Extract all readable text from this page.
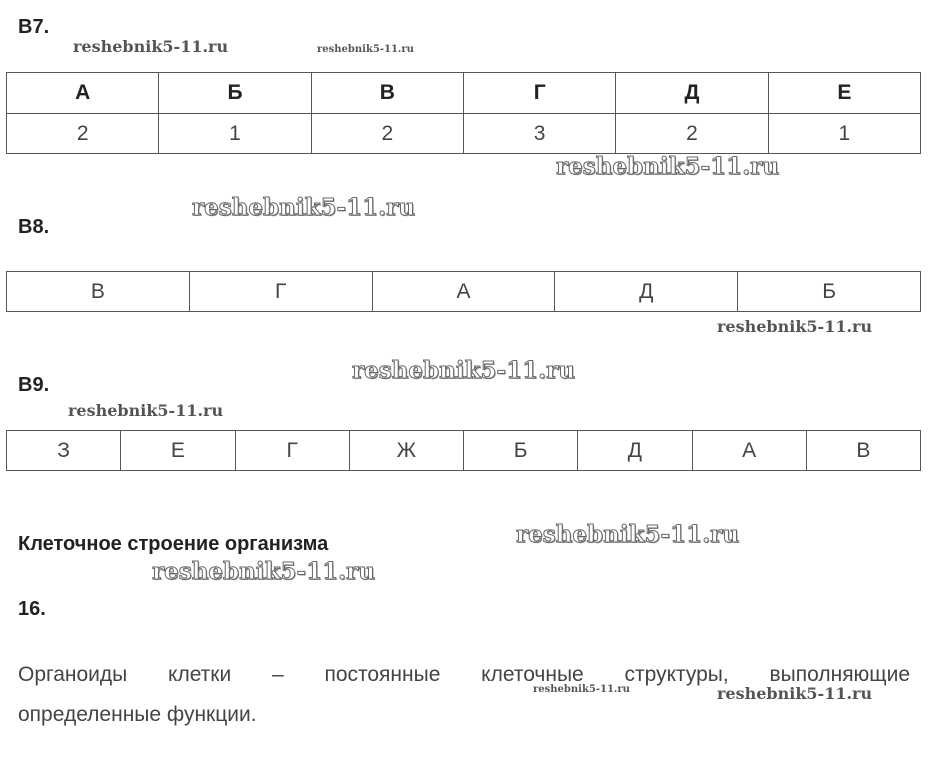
B7.
А	Б	В	Г	Д	Е
2	1	2	3	2	1
B8.
В	Г	А	Д	Б
B9.
З	Е	Г	Ж	Б	Д	А	В
Клеточное строение организма
16.
Органоиды клетки – постоянные клеточные структуры, выполняющие
определенные функции.
reshebnik5-11.ru	reshebnik5-11.ru
reshebnik5-11.ru
reshebnik5-11.ru
reshebnik5-11.ru
reshebnik5-11.ru
reshebnik5-11.ru
reshebnik5-11.ru
reshebnik5-11.ru
reshebnik5-11.ru	reshebnik5-11.ru
